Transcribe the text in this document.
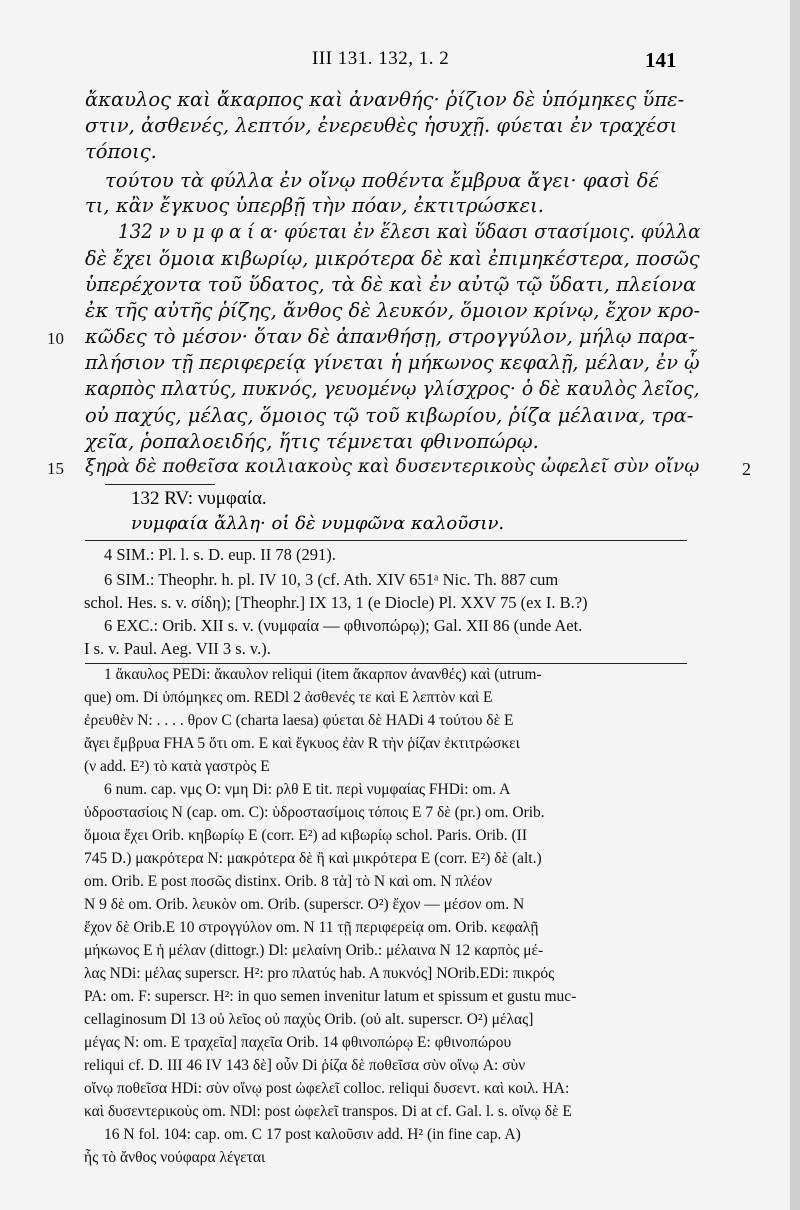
III 131. 132, 1. 2	141
ἄκαυλος καὶ ἄκαρπος καὶ ἀνανθής· ῥίζιον δὲ ὑπόμηκες ὕπε-
στιν, ἀσθενές, λεπτόν, ἐνερευθὲς ἡσυχῇ. φύεται ἐν τραχέσι
τόποις.
τούτου τὰ φύλλα ἐν οἴνῳ ποθέντα ἔμβρυα ἄγει· φασὶ δέ
τι, κἂν ἔγκυος ὑπερβῇ τὴν πόαν, ἐκτιτρώσκει.
132 ν υ μ φ α ί α· φύεται ἐν ἕλεσι καὶ ὕδασι στασίμοις. φύλλα
δὲ ἔχει ὅμοια κιβωρίῳ, μικρότερα δὲ καὶ ἐπιμηκέστερα, ποσῶς
ὑπερέχοντα τοῦ ὕδατος, τὰ δὲ καὶ ἐν αὐτῷ τῷ ὕδατι, πλείονα
ἐκ τῆς αὐτῆς ῥίζης, ἄνθος δὲ λευκόν, ὅμοιον κρίνῳ, ἔχον κρο-
κῶδες τὸ μέσον· ὅταν δὲ ἀπανθήσῃ, στρογγύλον, μήλῳ παρα-
πλήσιον τῇ περιφερείᾳ γίνεται ἡ μήκωνος κεφαλῇ, μέλαν, ἐν ᾧ
καρπὸς πλατύς, πυκνός, γευομένῳ γλίσχρος· ὁ δὲ καυλὸς λεῖος,
οὐ παχύς, μέλας, ὅμοιος τῷ τοῦ κιβωρίου, ῥίζα μέλαινα, τρα-
χεῖα, ῥοπαλοειδής, ἥτις τέμνεται φθινοπώρῳ.
ξηρὰ δὲ ποθεῖσα κοιλιακοὺς καὶ δυσεντερικοὺς ὠφελεῖ σὺν οἴνῳ
10
15	2
132 RV: νυμφαία.
νυμφαία ἄλλη· οἱ δὲ νυμφῶνα καλοῦσιν.
4 SIM.: Pl. l. s. D. eup. II 78 (291).
6 SIM.: Theophr. h. pl. IV 10, 3 (cf. Ath. XIV 651ᵃ Nic. Th. 887 cum
schol. Hes. s. v. σίδη); [Theophr.] IX 13, 1 (e Diocle) Pl. XXV 75 (ex I. B.?)
6 EXC.: Orib. XII s. v. (νυμφαία — φθινοπώρῳ); Gal. XII 86 (unde Aet.
I s. v. Paul. Aeg. VII 3 s. v.).
1 ἄκαυλος PEDi: ἄκαυλον reliqui (item ἄκαρπον ἀνανθές) καὶ (utrum-
que) om. Di ὑπόμηκες om. REDl 2 ἀσθενές τε καὶ E λεπτὸν καὶ E
ἐρευθὲν N: . . . . θρον C (charta laesa) φύεται δὲ HADi 4 τούτου δὲ E
ἄγει ἔμβρυα FHA 5 ὅτι om. E καὶ ἔγκυος ἐὰν R τὴν ῥίζαν ἐκτιτρώσκει
(ν add. E²) τὸ κατὰ γαστρὸς E
6 num. cap. νμς O: νμη Di: ρλθ E tit. περὶ νυμφαίας FHDi: om. A
ὑδροστασίοις N (cap. om. C): ὑδροστασίμοις τόποις E 7 δὲ (pr.) om. Orib.
ὅμοια ἔχει Orib. κηβωρίῳ E (corr. E²) ad κιβωρίῳ schol. Paris. Orib. (II
745 D.) μακρότερα N: μακρότερα δὲ ἢ καὶ μικρότερα E (corr. E²) δὲ (alt.)
om. Orib. E post ποσῶς distinx. Orib. 8 τὰ] τὸ N καὶ om. N πλέον
N 9 δὲ om. Orib. λευκὸν om. Orib. (superscr. O²) ἔχον — μέσον om. N
ἔχον δὲ Orib.E 10 στρογγύλον om. N 11 τῇ περιφερείᾳ om. Orib. κεφαλῇ
μήκωνος E ἡ μέλαν (dittogr.) Dl: μελαίνη Orib.: μέλαινα N 12 καρπὸς μέ-
λας NDi: μέλας superscr. H²: pro πλατύς hab. A πυκνός] NOrib.EDi: πικρός
PA: om. F: superscr. H²: in quo semen invenitur latum et spissum et gustu muc-
cellaginosum Dl 13 οὐ λεῖος οὐ παχὺς Orib. (οὐ alt. superscr. O²) μέλας]
μέγας N: om. E τραχεῖα] παχεῖα Orib. 14 φθινοπώρῳ E: φθινοπώρου
reliqui cf. D. III 46 IV 143 δὲ] οὖν Di ῥίζα δὲ ποθεῖσα σὺν οἴνῳ A: σὺν
οἴνῳ ποθεῖσα HDi: σὺν οἴνῳ post ὠφελεῖ colloc. reliqui δυσεντ. καὶ κοιλ. HA:
καὶ δυσεντερικοὺς om. NDl: post ὠφελεῖ transpos. Di at cf. Gal. l. s. οἴνῳ δὲ E
16 N fol. 104: cap. om. C 17 post καλοῦσιν add. H² (in fine cap. A)
ἧς τὸ ἄνθος νούφαρα λέγεται
